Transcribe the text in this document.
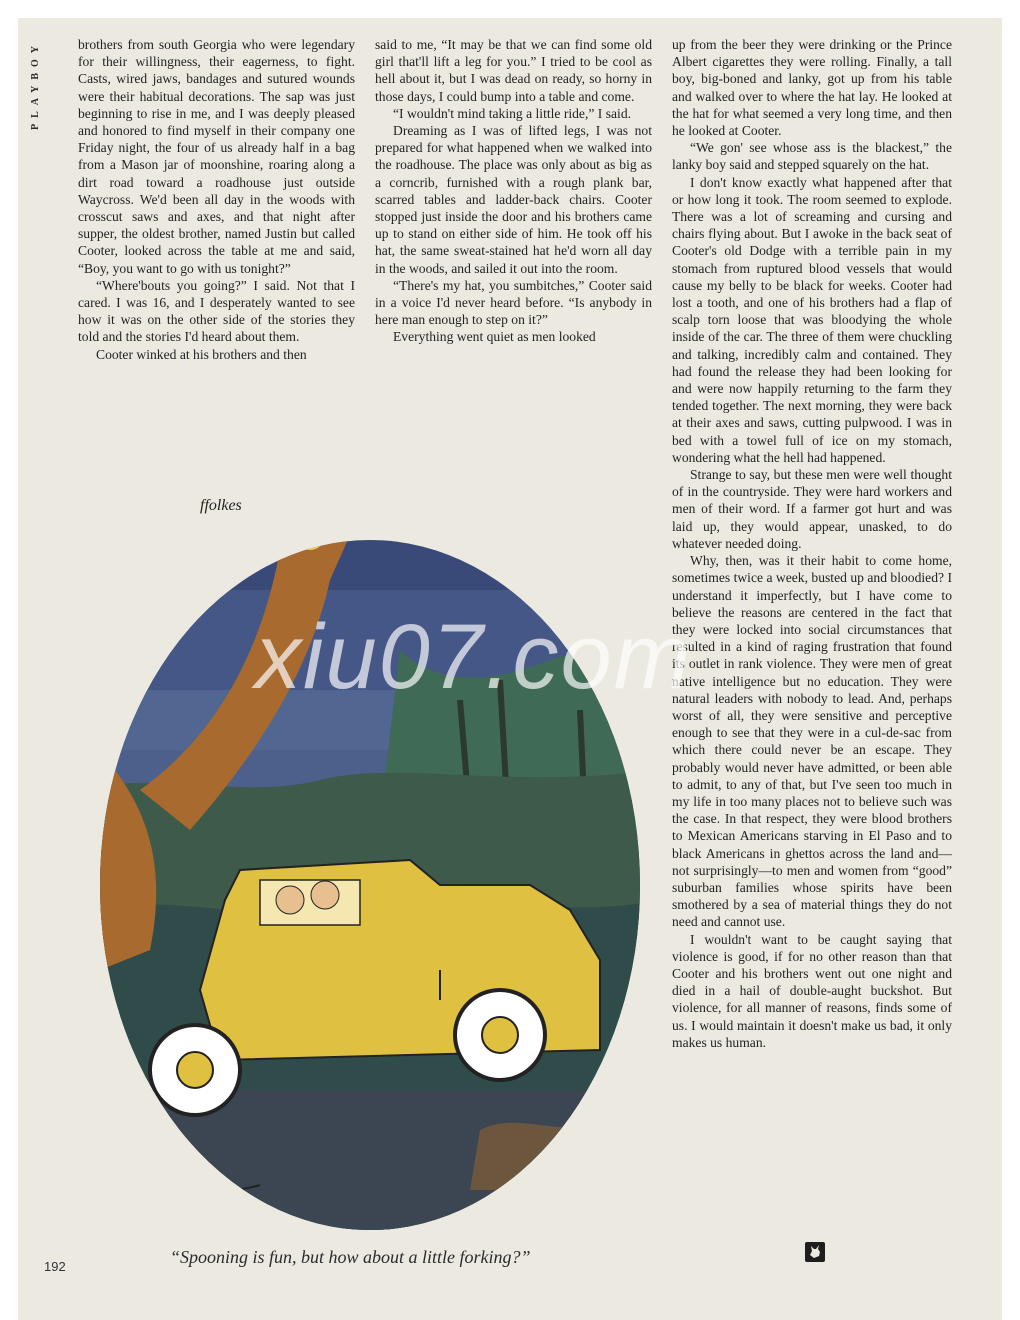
PLAYBOY	brothers from south Georgia who were legendary for their willingness, their eagerness, to fight. Casts, wired jaws, bandages and sutured wounds were their habitual decorations. The sap was just beginning to rise in me, and I was deeply pleased and honored to find myself in their company one Friday night, the four of us already half in a bag from a Mason jar of moonshine, roaring along a dirt road toward a roadhouse just outside Waycross. We'd been all day in the woods with crosscut saws and axes, and that night after supper, the oldest brother, named Justin but called Cooter, looked across the table at me and said, “Boy, you want to go with us tonight?”

“Where'bouts you going?” I said. Not that I cared. I was 16, and I desperately wanted to see how it was on the other side of the stories they told and the stories I'd heard about them.

Cooter winked at his brothers and then

said to me, “It may be that we can find some old girl that'll lift a leg for you.” I tried to be cool as hell about it, but I was dead on ready, so horny in those days, I could bump into a table and come.

“I wouldn't mind taking a little ride,” I said.

Dreaming as I was of lifted legs, I was not prepared for what happened when we walked into the roadhouse. The place was only about as big as a corncrib, furnished with a rough plank bar, scarred tables and ladder-back chairs. Cooter stopped just inside the door and his brothers came up to stand on either side of him. He took off his hat, the same sweat-stained hat he'd worn all day in the woods, and sailed it out into the room.

“There's my hat, you sumbitches,” Cooter said in a voice I'd never heard before. “Is anybody in here man enough to step on it?”

Everything went quiet as men looked

up from the beer they were drinking or the Prince Albert cigarettes they were rolling. Finally, a tall boy, big-boned and lanky, got up from his table and walked over to where the hat lay. He looked at the hat for what seemed a very long time, and then he looked at Cooter.

“We gon' see whose ass is the blackest,” the lanky boy said and stepped squarely on the hat.

I don't know exactly what happened after that or how long it took. The room seemed to explode. There was a lot of screaming and cursing and chairs flying about. But I awoke in the back seat of Cooter's old Dodge with a terrible pain in my stomach from ruptured blood vessels that would cause my belly to be black for weeks. Cooter had lost a tooth, and one of his brothers had a flap of scalp torn loose that was bloodying the whole inside of the car. The three of them were chuckling and talking, incredibly calm and contained. They had found the release they had been looking for and were now happily returning to the farm they tended together. The next morning, they were back at their axes and saws, cutting pulpwood. I was in bed with a towel full of ice on my stomach, wondering what the hell had happened.

Strange to say, but these men were well thought of in the countryside. They were hard workers and men of their word. If a farmer got hurt and was laid up, they would appear, unasked, to do whatever needed doing.

Why, then, was it their habit to come home, sometimes twice a week, busted up and bloodied? I understand it imperfectly, but I have come to believe the reasons are centered in the fact that they were locked into social circumstances that resulted in a kind of raging frustration that found its outlet in rank violence. They were men of great native intelligence but no education. They were natural leaders with nobody to lead. And, perhaps worst of all, they were sensitive and perceptive enough to see that they were in a cul-de-sac from which there could never be an escape. They probably would never have admitted, or been able to admit, to any of that, but I've seen too much in my life in too many places not to believe such was the case. In that respect, they were blood brothers to Mexican Americans starving in El Paso and to black Americans in ghettos across the land and—not surprisingly—to men and women from “good” suburban families whose spirits have been smothered by a sea of material things they do not need and cannot use.

I wouldn't want to be caught saying that violence is good, if for no other reason than that Cooter and his brothers went out one night and died in a hail of double-aught buckshot. But violence, for all manner of reasons, finds some of us. I would maintain it doesn't make us bad, it only makes us human.

ffolkes
xiu07.com
“Spooning is fun, but how about a little forking?”
192
